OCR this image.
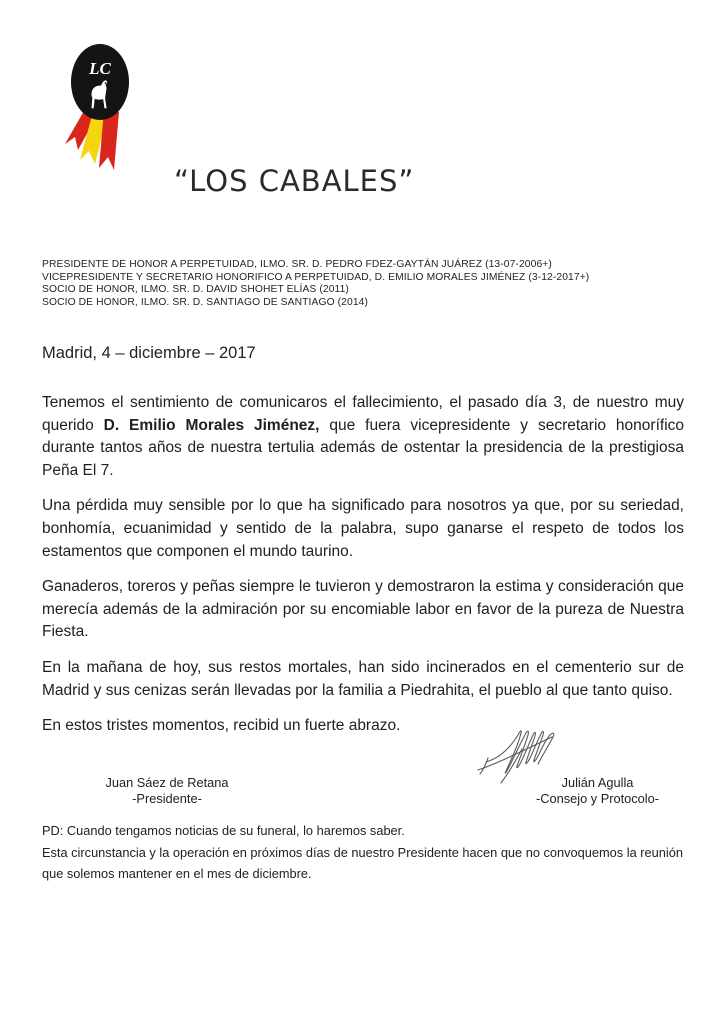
LC
“LOS CABALES”
PRESIDENTE DE HONOR A PERPETUIDAD, ILMO. SR. D. PEDRO FDEZ-GAYTÁN JUÁREZ (13-07-2006+)
VICEPRESIDENTE Y SECRETARIO HONORIFICO A PERPETUIDAD, D. EMILIO MORALES JIMÉNEZ (3-12-2017+)
SOCIO DE HONOR, ILMO. SR. D. DAVID SHOHET ELÍAS (2011)
SOCIO DE HONOR, ILMO. SR. D. SANTIAGO DE SANTIAGO (2014)
Madrid, 4 – diciembre – 2017

Tenemos el sentimiento de comunicaros el fallecimiento, el pasado día 3, de nuestro muy querido D. Emilio Morales Jiménez, que fuera vicepresidente y secretario honorífico durante tantos años de nuestra tertulia además de ostentar la presidencia de la prestigiosa Peña El 7.

Una pérdida muy sensible por lo que ha significado para nosotros ya que, por su seriedad, bonhomía, ecuanimidad y sentido de la palabra, supo ganarse el respeto de todos los estamentos que componen el mundo taurino.

Ganaderos, toreros y peñas siempre le tuvieron y demostraron la estima y consideración que merecía además de la admiración por su encomiable labor en favor de la pureza de Nuestra Fiesta.

En la mañana de hoy, sus restos mortales, han sido incinerados en el cementerio sur de Madrid y sus cenizas serán llevadas por la familia a Piedrahita, el pueblo al que tanto quiso.

En estos tristes momentos, recibid un fuerte abrazo.

Juan Sáez de Retana
-Presidente-
Julián Agulla
-Consejo y Protocolo-
PD: Cuando tengamos noticias de su funeral, lo haremos saber.
Esta circunstancia y la operación en próximos días de nuestro Presidente hacen que no convoquemos la reunión que solemos mantener en el mes de diciembre.
